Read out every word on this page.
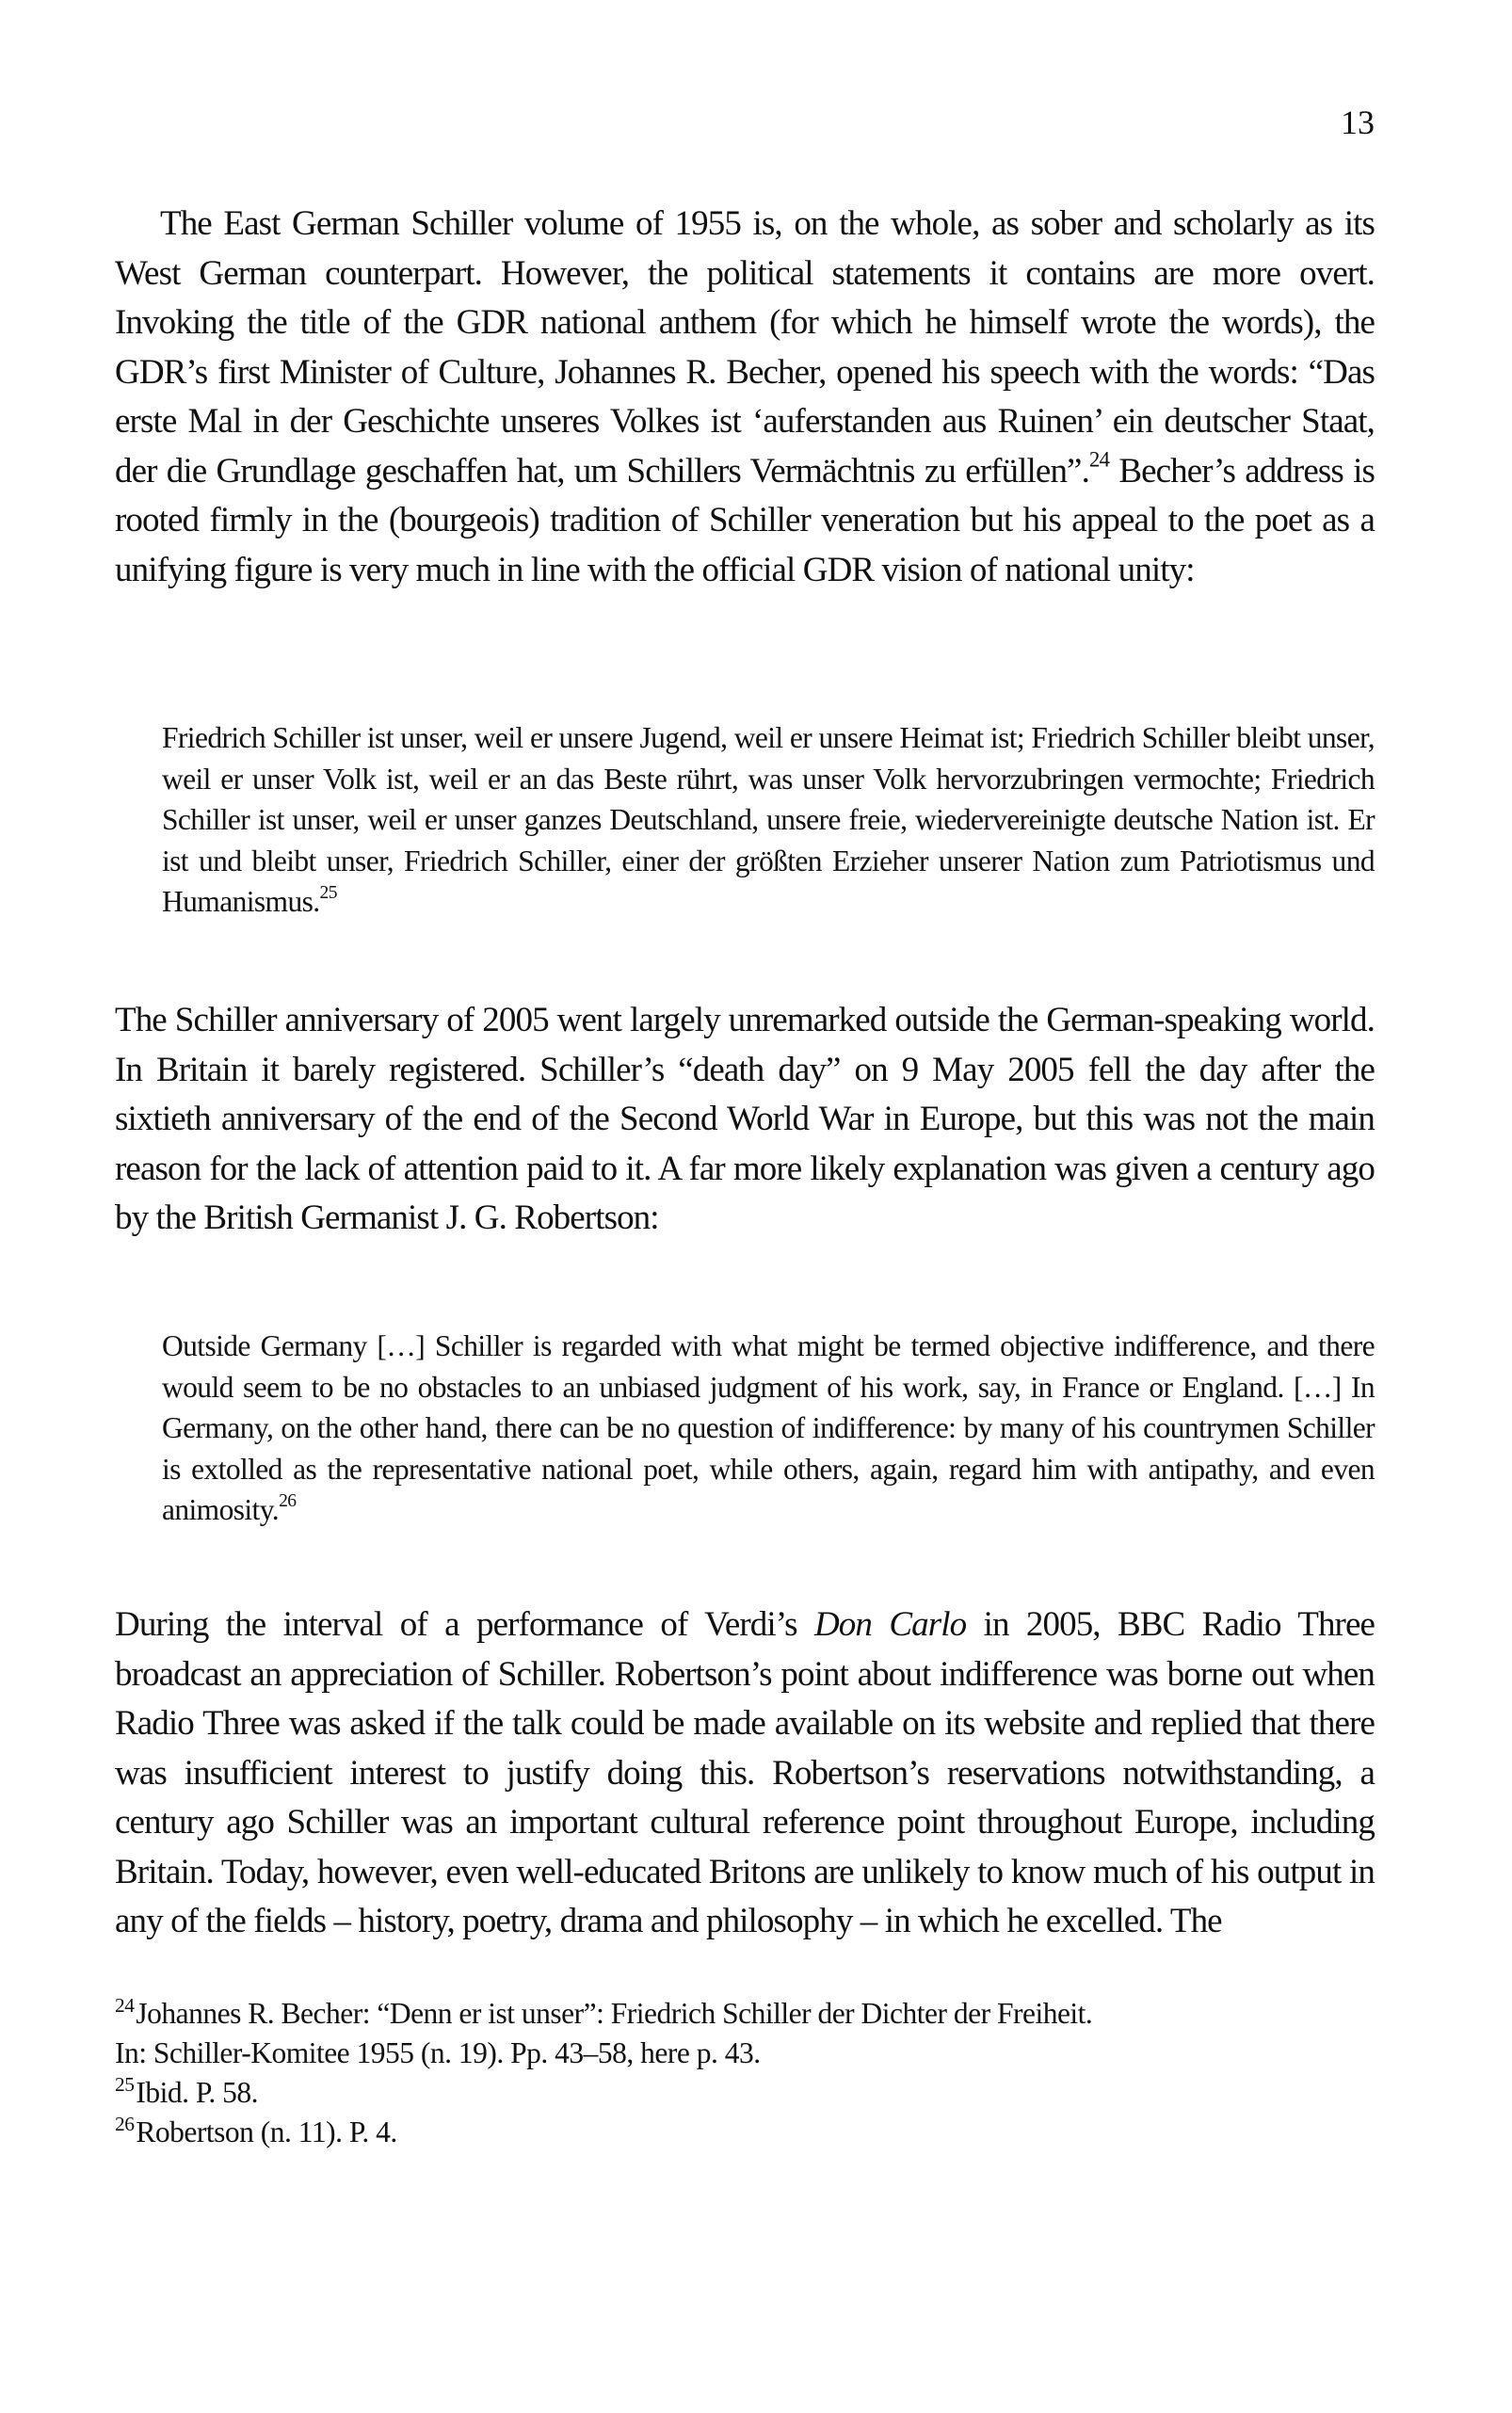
13

The East German Schiller volume of 1955 is, on the whole, as sober and scholarly as its West German counterpart. However, the political statements it contains are more overt. Invoking the title of the GDR national anthem (for which he himself wrote the words), the GDR’s first Minister of Culture, Johannes R. Becher, opened his speech with the words: “Das erste Mal in der Geschichte unseres Volkes ist ‘auferstanden aus Ruinen’ ein deutscher Staat, der die Grundlage geschaffen hat, um Schillers Vermächtnis zu erfüllen”.$^{24}$ Becher’s address is rooted firmly in the (bourgeois) tradition of Schiller veneration but his appeal to the poet as a unifying figure is very much in line with the official GDR vision of national unity:

Friedrich Schiller ist unser, weil er unsere Jugend, weil er unsere Heimat ist; Friedrich Schiller bleibt unser, weil er unser Volk ist, weil er an das Beste rührt, was unser Volk hervorzubringen vermochte; Friedrich Schiller ist unser, weil er unser ganzes Deutschland, unsere freie, wiedervereinigte deutsche Nation ist. Er ist und bleibt unser, Friedrich Schiller, einer der größten Erzieher unserer Nation zum Patriotismus und Humanismus.$^{25}$

The Schiller anniversary of 2005 went largely unremarked outside the German-speaking world. In Britain it barely registered. Schiller’s “death day” on 9 May 2005 fell the day after the sixtieth anniversary of the end of the Second World War in Europe, but this was not the main reason for the lack of attention paid to it. A far more likely explanation was given a century ago by the British Germanist J. G. Robertson:

Outside Germany […] Schiller is regarded with what might be termed objective indifference, and there would seem to be no obstacles to an unbiased judgment of his work, say, in France or England. […] In Germany, on the other hand, there can be no question of indifference: by many of his countrymen Schiller is extolled as the representative national poet, while others, again, regard him with antipathy, and even animosity.$^{26}$

During the interval of a performance of Verdi’s Don Carlo in 2005, BBC Radio Three broadcast an appreciation of Schiller. Robertson’s point about indifference was borne out when Radio Three was asked if the talk could be made available on its website and replied that there was insufficient interest to justify doing this. Robertson’s reservations notwithstanding, a century ago Schiller was an important cultural reference point throughout Europe, including Britain. Today, however, even well-educated Britons are unlikely to know much of his output in any of the fields – history, poetry, drama and philosophy – in which he excelled. The

$^{24}$Johannes R. Becher: “Denn er ist unser”: Friedrich Schiller der Dichter der Freiheit.
In: Schiller-Komitee 1955 (n. 19). Pp. 43–58, here p. 43.

$^{25}$Ibid. P. 58.

$^{26}$Robertson (n. 11). P. 4.
